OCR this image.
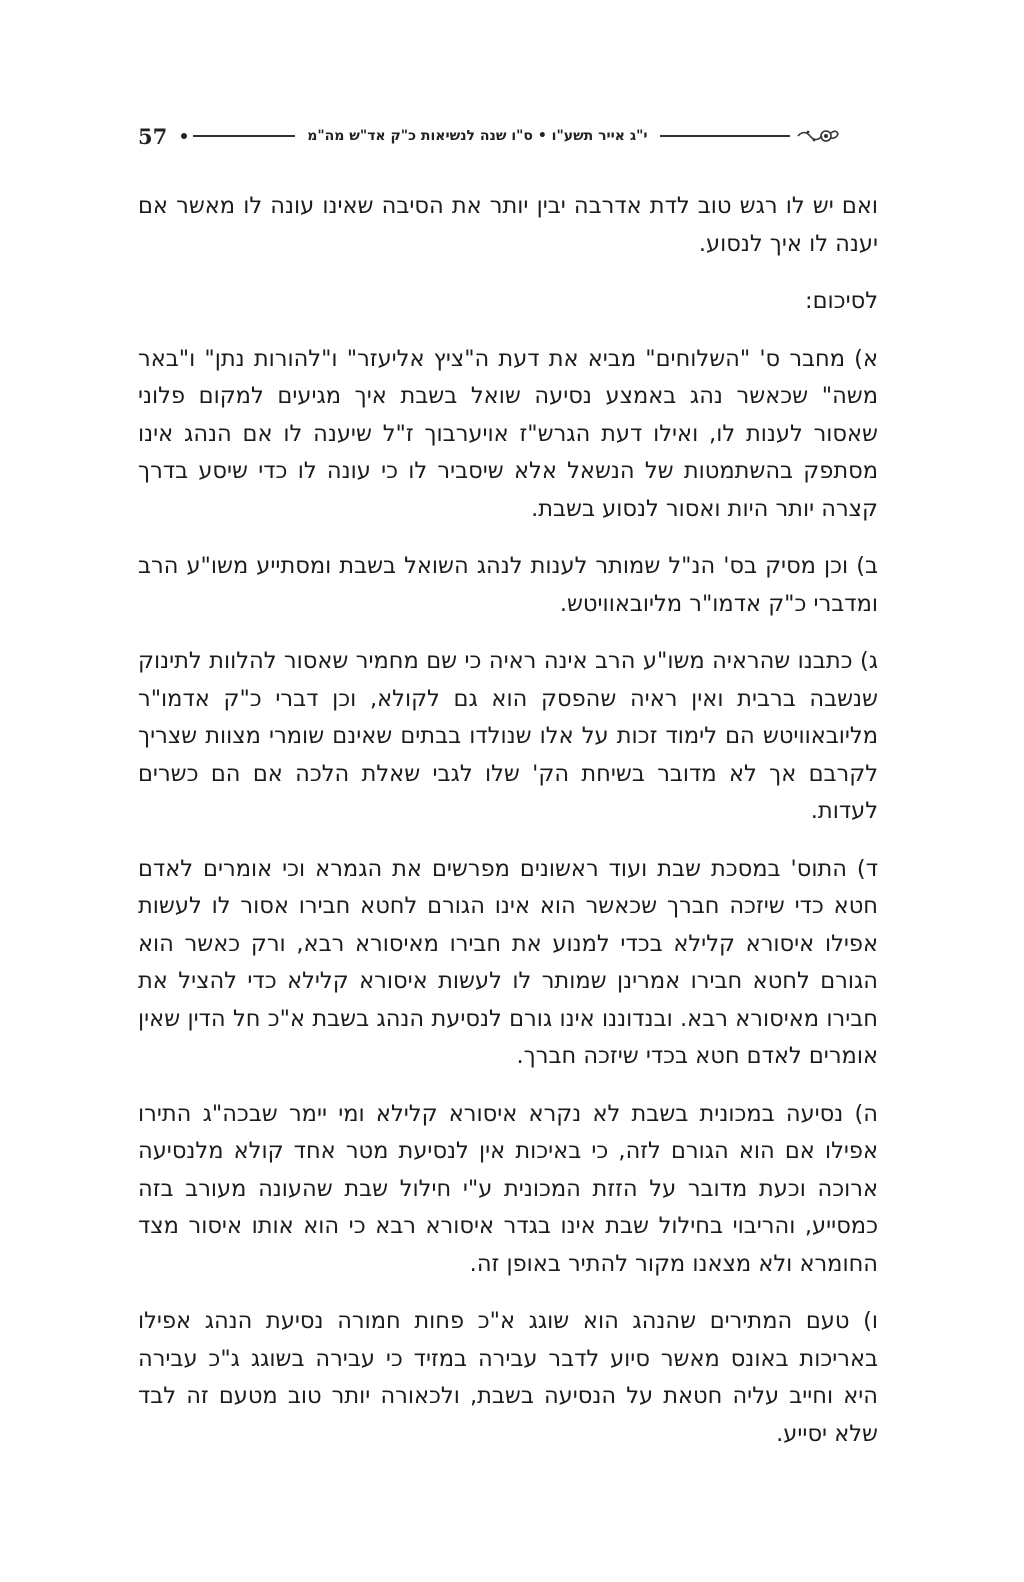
57	י"ג אייר תשע"ו • ס"ו שנה לנשיאות כ"ק אד"ש מה"מ

ואם יש לו רגש טוב לדת אדרבה יבין יותר את הסיבה שאינו עונה לו מאשר אם יענה לו איך לנסוע.

לסיכום:

א) מחבר ס' "השלוחים" מביא את דעת ה"ציץ אליעזר" ו"להורות נתן" ו"באר משה" שכאשר נהג באמצע נסיעה שואל בשבת איך מגיעים למקום פלוני שאסור לענות לו, ואילו דעת הגרש"ז אויערבוך ז"ל שיענה לו אם הנהג אינו מסתפק בהשתמטות של הנשאל אלא שיסביר לו כי עונה לו כדי שיסע בדרך קצרה יותר היות ואסור לנסוע בשבת.

ב) וכן מסיק בס' הנ"ל שמותר לענות לנהג השואל בשבת ומסתייע משו"ע הרב ומדברי כ"ק אדמו"ר מליובאוויטש.

ג) כתבנו שהראיה משו"ע הרב אינה ראיה כי שם מחמיר שאסור להלוות לתינוק שנשבה ברבית ואין ראיה שהפסק הוא גם לקולא, וכן דברי כ"ק אדמו"ר מליובאוויטש הם לימוד זכות על אלו שנולדו בבתים שאינם שומרי מצוות שצריך לקרבם אך לא מדובר בשיחת הק' שלו לגבי שאלת הלכה אם הם כשרים לעדות.

ד) התוס' במסכת שבת ועוד ראשונים מפרשים את הגמרא וכי אומרים לאדם חטא כדי שיזכה חברך שכאשר הוא אינו הגורם לחטא חבירו אסור לו לעשות אפילו איסורא קלילא בכדי למנוע את חבירו מאיסורא רבא, ורק כאשר הוא הגורם לחטא חבירו אמרינן שמותר לו לעשות איסורא קלילא כדי להציל את חבירו מאיסורא רבא. ובנדוננו אינו גורם לנסיעת הנהג בשבת א"כ חל הדין שאין אומרים לאדם חטא בכדי שיזכה חברך.

ה) נסיעה במכונית בשבת לא נקרא איסורא קלילא ומי יימר שבכה"ג התירו אפילו אם הוא הגורם לזה, כי באיכות אין לנסיעת מטר אחד קולא מלנסיעה ארוכה וכעת מדובר על הזזת המכונית ע"י חילול שבת שהעונה מעורב בזה כמסייע, והריבוי בחילול שבת אינו בגדר איסורא רבא כי הוא אותו איסור מצד החומרא ולא מצאנו מקור להתיר באופן זה.

ו) טעם המתירים שהנהג הוא שוגג א"כ פחות חמורה נסיעת הנהג אפילו באריכות באונס מאשר סיוע לדבר עבירה במזיד כי עבירה בשוגג ג"כ עבירה היא וחייב עליה חטאת על הנסיעה בשבת, ולכאורה יותר טוב מטעם זה לבד שלא יסייע.
